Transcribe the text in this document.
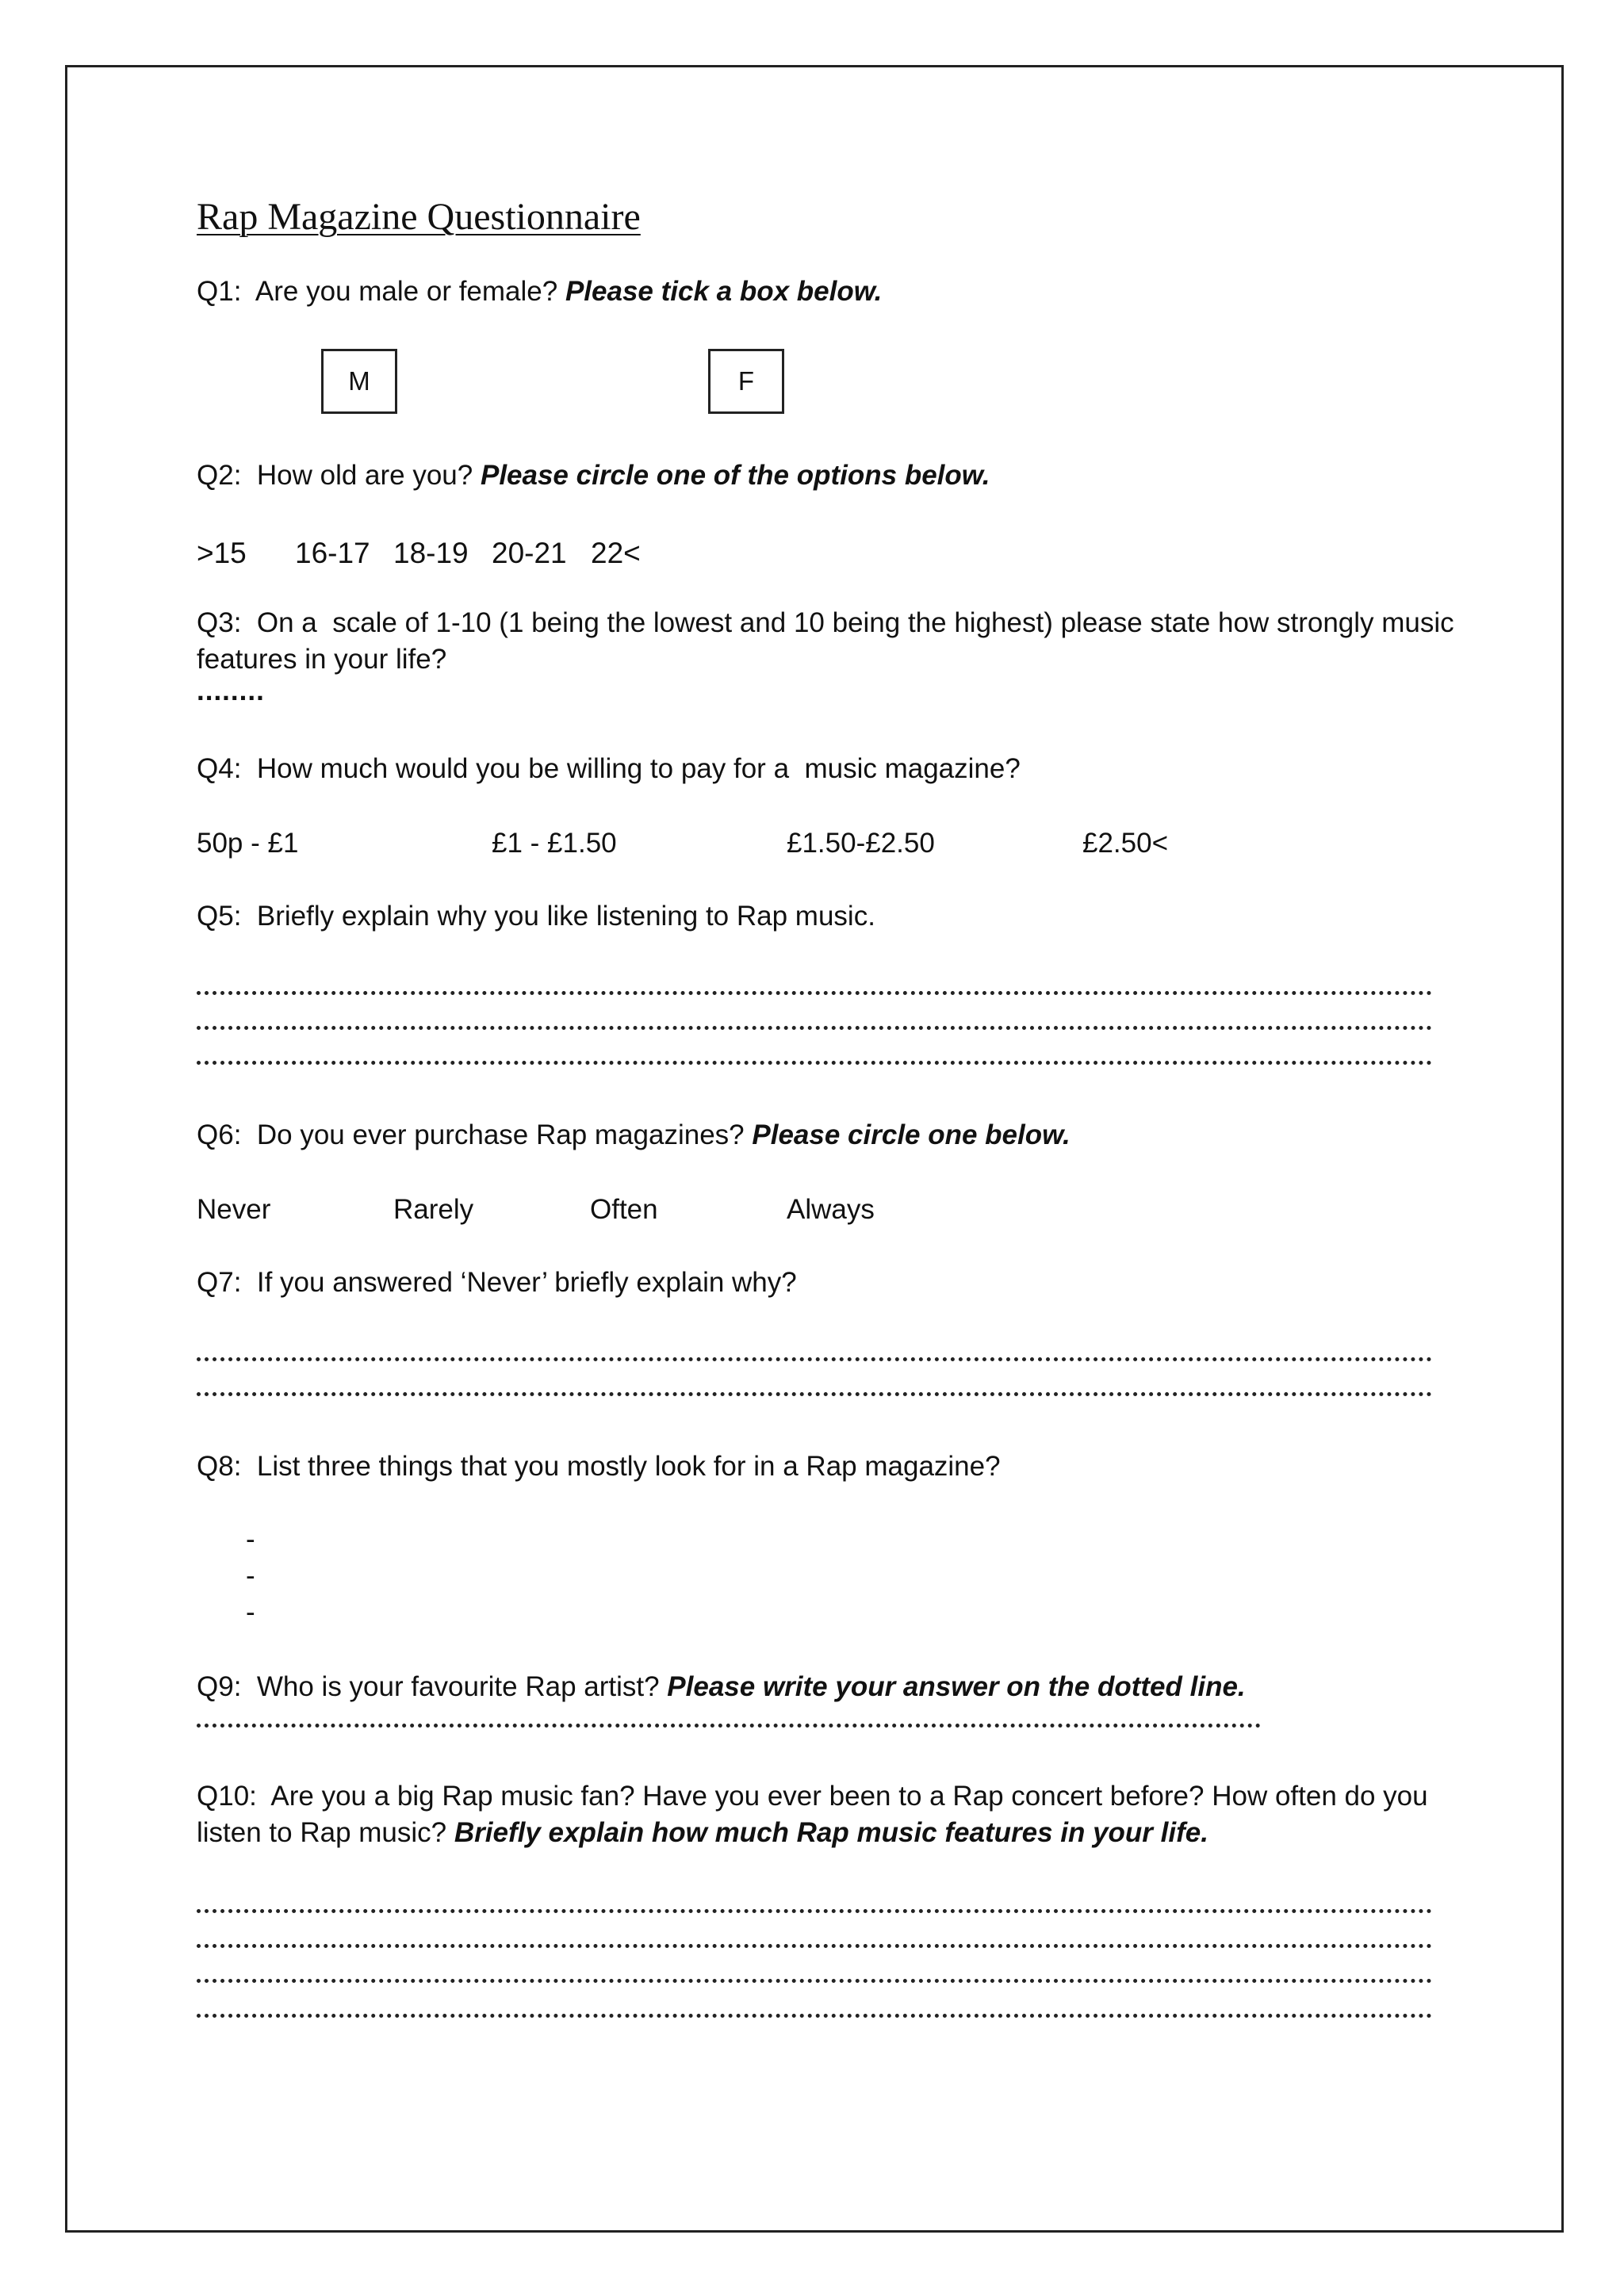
Rap Magazine Questionnaire
Q1:  Are you male or female? Please tick a box below.
M	F
Q2:  How old are you? Please circle one of the options below.
>15 16-17 18-19 20-21 22<
Q3:  On a  scale of 1-10 (1 being the lowest and 10 being the highest) please state how strongly music
features in your life?
........
Q4:  How much would you be willing to pay for a  music magazine?
50p - £1	£1 - £1.50	£1.50-£2.50	£2.50<
Q5:  Briefly explain why you like listening to Rap music.
Q6:  Do you ever purchase Rap magazines? Please circle one below.
Never	Rarely	Often	Always
Q7:  If you answered ‘Never’ briefly explain why?
Q8:  List three things that you mostly look for in a Rap magazine?
-
-
-
Q9:  Who is your favourite Rap artist? Please write your answer on the dotted line.
Q10:  Are you a big Rap music fan? Have you ever been to a Rap concert before? How often do you
listen to Rap music? Briefly explain how much Rap music features in your life.
